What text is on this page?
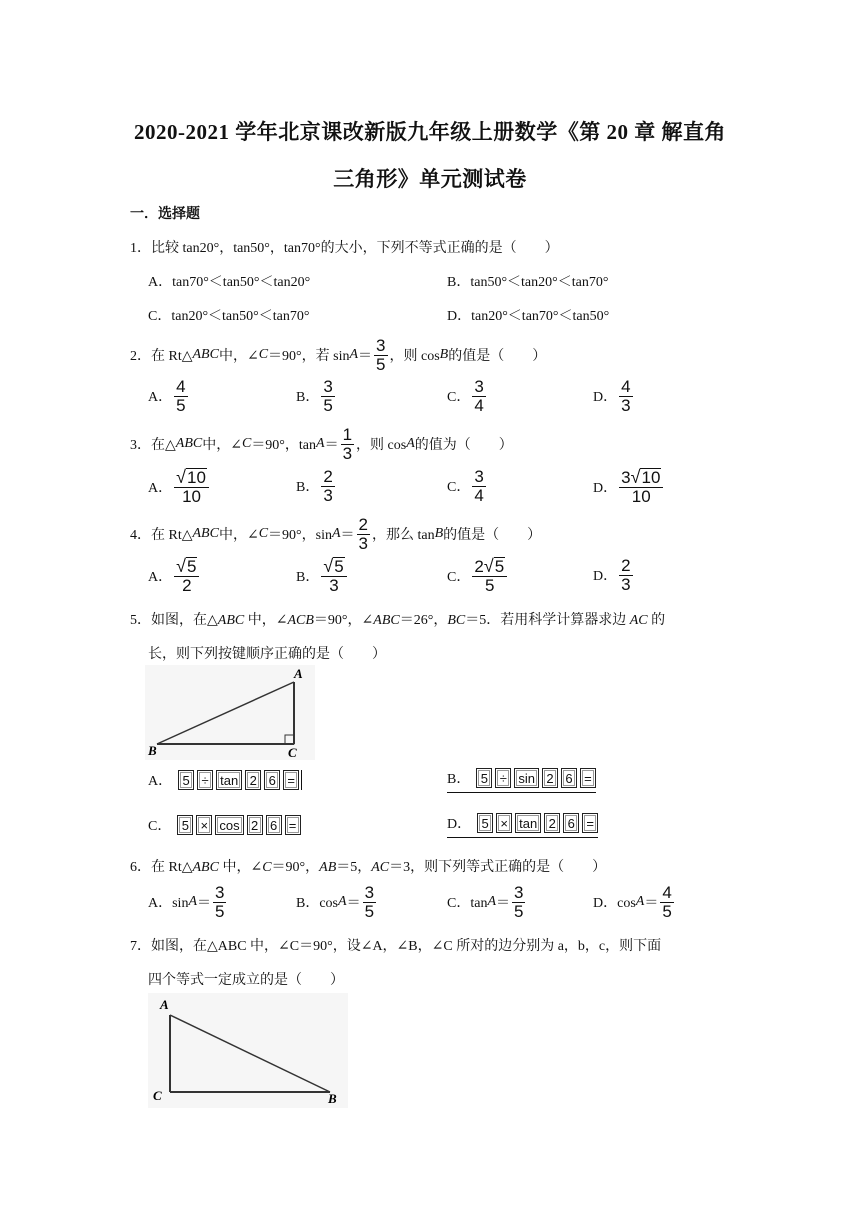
2020-2021 学年北京课改新版九年级上册数学《第 20 章 解直角
三角形》单元测试卷
一．选择题
1．比较 tan20°，tan50°，tan70°的大小，下列不等式正确的是（　　）
A．tan70°＜tan50°＜tan20°	B．tan50°＜tan20°＜tan70°
C．tan20°＜tan50°＜tan70°	D．tan20°＜tan70°＜tan50°
2．在 Rt△ ABC 中，∠ C ＝90°，若 $\sin A = \frac{3}{5}$ ，则 cos B 的值是（　　）
A． $\frac{4}{5}$	B． $\frac{3}{5}$	C． $\frac{3}{4}$	D． $\frac{4}{3}$
3．在△ ABC 中，∠ C ＝90°，$\tan A = \frac{1}{3}$ ，则 cos A 的值为（　　）
A． $\frac{√ 10}{10}$	B． $\frac{2}{3}$	C． $\frac{3}{4}$	D． $\frac{3 √ 10}{10}$
4．在 Rt△ ABC 中，∠ C ＝90°，$\sin A = \frac{2}{3}$ ，那么 tan B 的值是（　　）
A． $\frac{√ 5}{2}$	B． $\frac{√ 5}{3}$	C． $\frac{2 √ 5}{5}$	D． $\frac{2}{3}$
5．如图，在△ABC 中，∠ACB＝90°，∠ABC＝26°，BC＝5．若用科学计算器求边 AC 的
长，则下列按键顺序正确的是（　　）
A
B	C
A． 5 ÷ tan 2 6 =	B． 5 ÷ sin 2 6 =
C． 5 × cos 2 6 =	D． 5 × tan 2 6 =
6．在 Rt△ABC 中，∠C＝90°，AB＝5，AC＝3，则下列等式正确的是（　　）
A．$\sin A = \frac{3}{5}$	B．$\cos A = \frac{3}{5}$	C．$\tan A = \frac{3}{5}$	D．$\cos A = \frac{4}{5}$
7．如图，在△ABC 中，∠C＝90°，设∠A，∠B，∠C 所对的边分别为 a，b，c，则下面
四个等式一定成立的是（　　）
A
C	B
